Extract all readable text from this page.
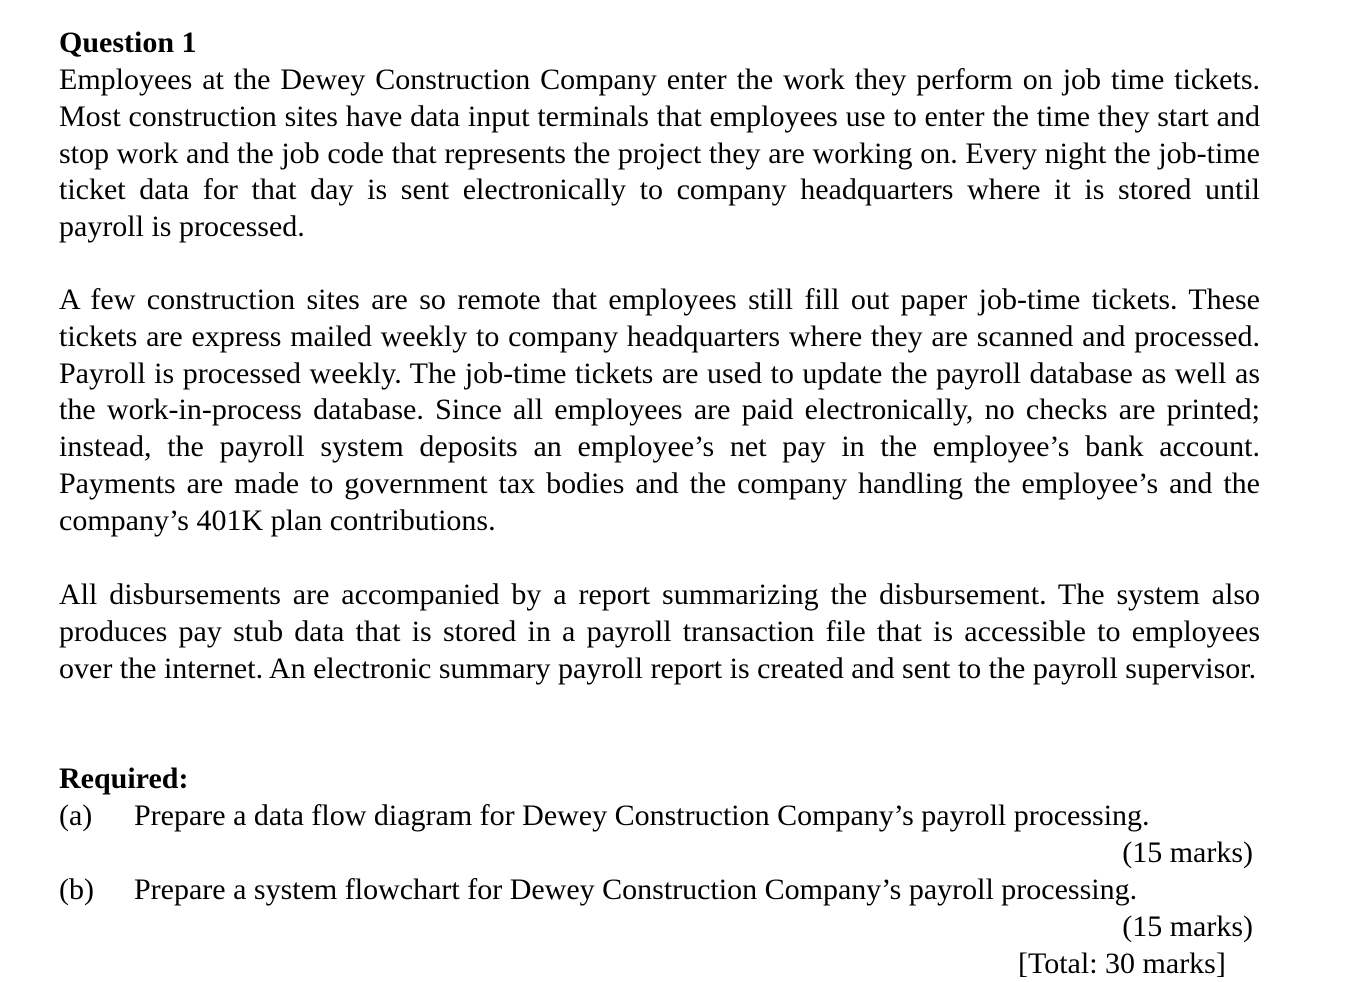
Question 1

Employees at the Dewey Construction Company enter the work they perform on job time tickets. Most construction sites have data input terminals that employees use to enter the time they start and stop work and the job code that represents the project they are working on. Every night the job-time ticket data for that day is sent electronically to company headquarters where it is stored until payroll is processed.

A few construction sites are so remote that employees still fill out paper job-time tickets. These tickets are express mailed weekly to company headquarters where they are scanned and processed. Payroll is processed weekly. The job-time tickets are used to update the payroll database as well as the work-in-process database. Since all employees are paid electronically, no checks are printed; instead, the payroll system deposits an employee’s net pay in the employee’s bank account. Payments are made to government tax bodies and the company handling the employee’s and the company’s 401K plan contributions.

All disbursements are accompanied by a report summarizing the disbursement. The system also produces pay stub data that is stored in a payroll transaction file that is accessible to employees over the internet. An electronic summary payroll report is created and sent to the payroll supervisor.

Required:
(a) Prepare a data flow diagram for Dewey Construction Company’s payroll processing.
(15 marks)
(b) Prepare a system flowchart for Dewey Construction Company’s payroll processing.
(15 marks)
[Total: 30 marks]
